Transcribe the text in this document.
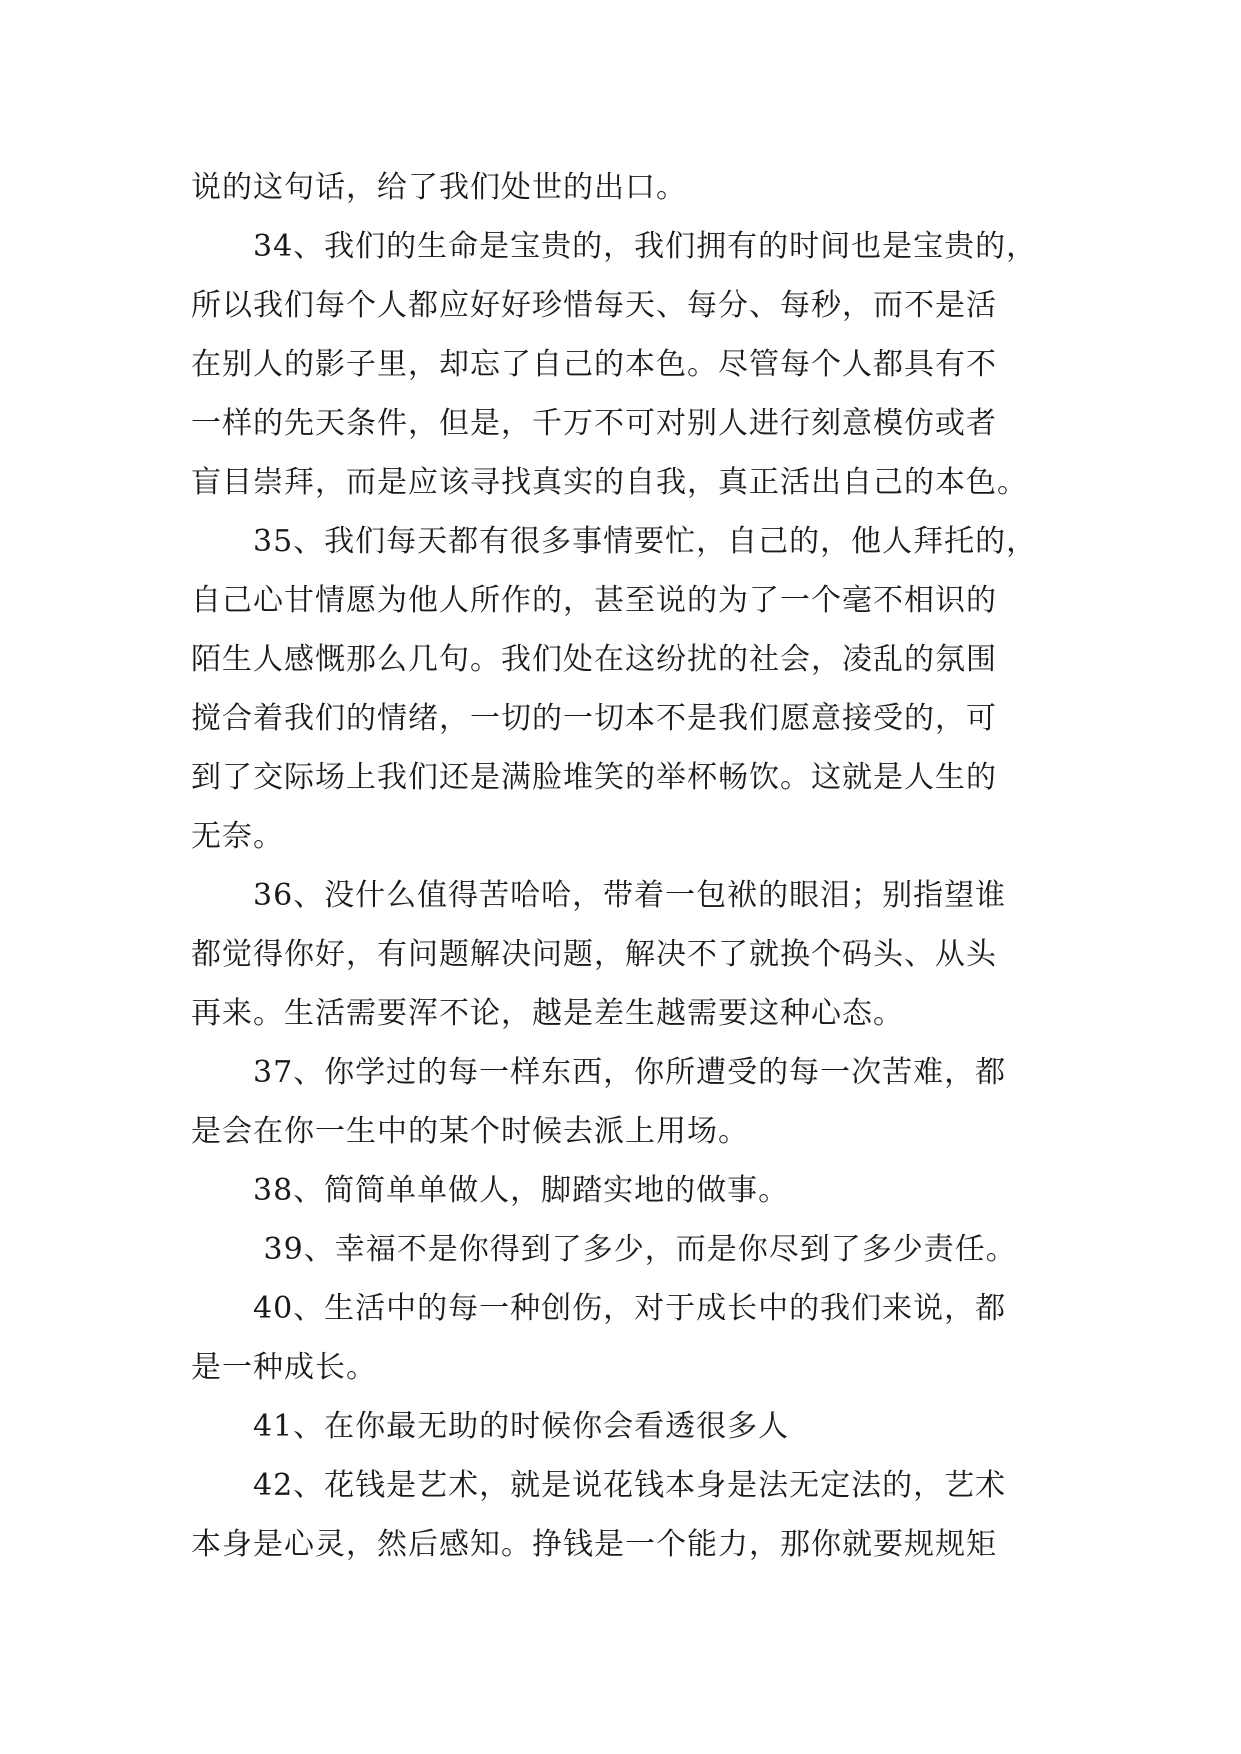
说的这句话，给了我们处世的出口。
　　34、我们的生命是宝贵的，我们拥有的时间也是宝贵的，
所以我们每个人都应好好珍惜每天、每分、每秒，而不是活
在别人的影子里，却忘了自己的本色。尽管每个人都具有不
一样的先天条件，但是，千万不可对别人进行刻意模仿或者
盲目崇拜，而是应该寻找真实的自我，真正活出自己的本色。
　　35、我们每天都有很多事情要忙，自己的，他人拜托的，
自己心甘情愿为他人所作的，甚至说的为了一个毫不相识的
陌生人感慨那么几句。我们处在这纷扰的社会，凌乱的氛围
搅合着我们的情绪，一切的一切本不是我们愿意接受的，可
到了交际场上我们还是满脸堆笑的举杯畅饮。这就是人生的
无奈。
　　36、没什么值得苦哈哈，带着一包袱的眼泪；别指望谁
都觉得你好，有问题解决问题，解决不了就换个码头、从头
再来。生活需要浑不论，越是差生越需要这种心态。
　　37、你学过的每一样东西，你所遭受的每一次苦难，都
是会在你一生中的某个时候去派上用场。
　　38、简简单单做人，脚踏实地的做事。
　　 39、幸福不是你得到了多少，而是你尽到了多少责任。
　　40、生活中的每一种创伤，对于成长中的我们来说，都
是一种成长。
　　41、在你最无助的时候你会看透很多人
　　42、花钱是艺术，就是说花钱本身是法无定法的，艺术
本身是心灵，然后感知。挣钱是一个能力，那你就要规规矩
